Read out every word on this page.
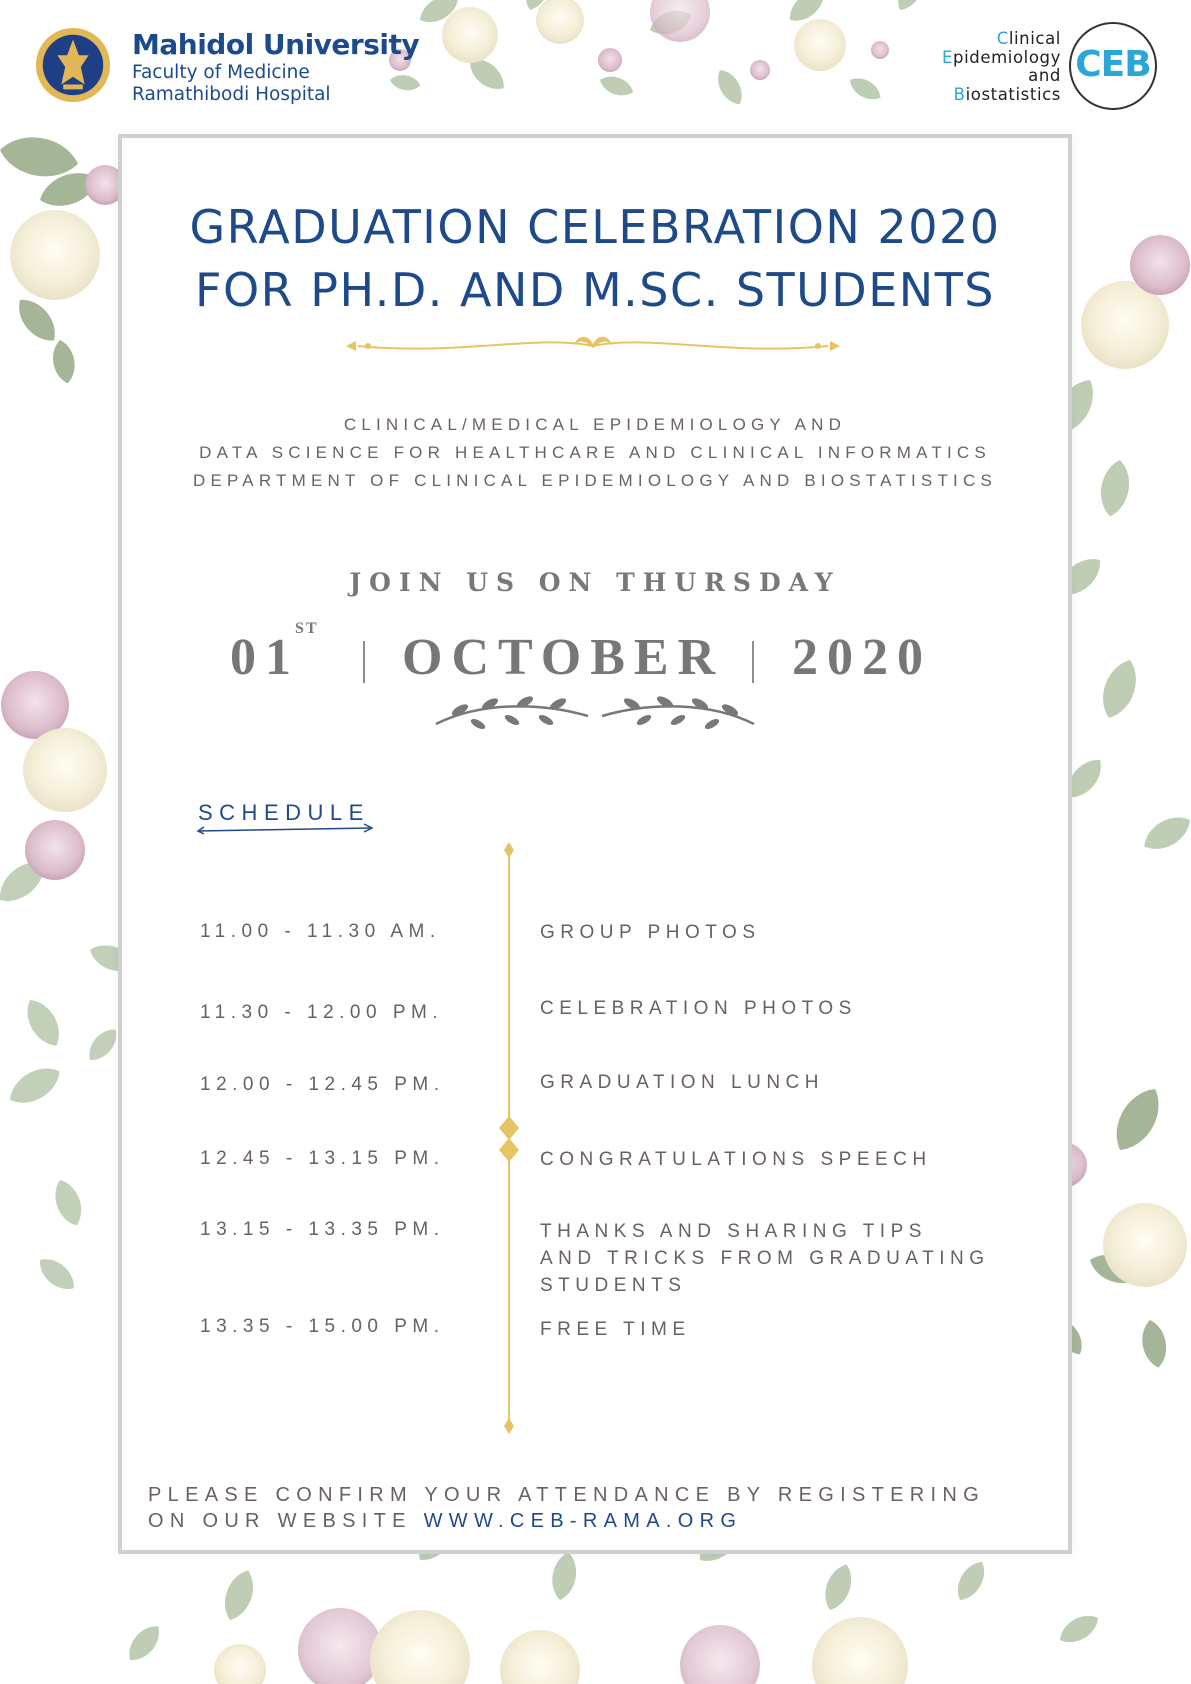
Mahidol University
Faculty of Medicine
Ramathibodi Hospital
Clinical
Epidemiology
and
Biostatistics
CEB
GRADUATION CELEBRATION 2020
FOR PH.D. AND M.SC. STUDENTS
CLINICAL/MEDICAL EPIDEMIOLOGY AND
DATA SCIENCE FOR HEALTHCARE AND CLINICAL INFORMATICS
DEPARTMENT OF CLINICAL EPIDEMIOLOGY AND BIOSTATISTICS
JOIN US ON THURSDAY
01
ST
OCTOBER 2020
SCHEDULE
11.00 - 11.30 AM.	GROUP PHOTOS
11.30 - 12.00 PM.	CELEBRATION PHOTOS
12.00 - 12.45 PM.	GRADUATION LUNCH
12.45 - 13.15 PM.	CONGRATULATIONS SPEECH
13.15 - 13.35 PM.	THANKS AND SHARING TIPS
AND TRICKS FROM GRADUATING
STUDENTS
13.35 - 15.00 PM.	FREE TIME
PLEASE CONFIRM YOUR ATTENDANCE BY REGISTERING
ON OUR WEBSITE WWW.CEB-RAMA.ORG
